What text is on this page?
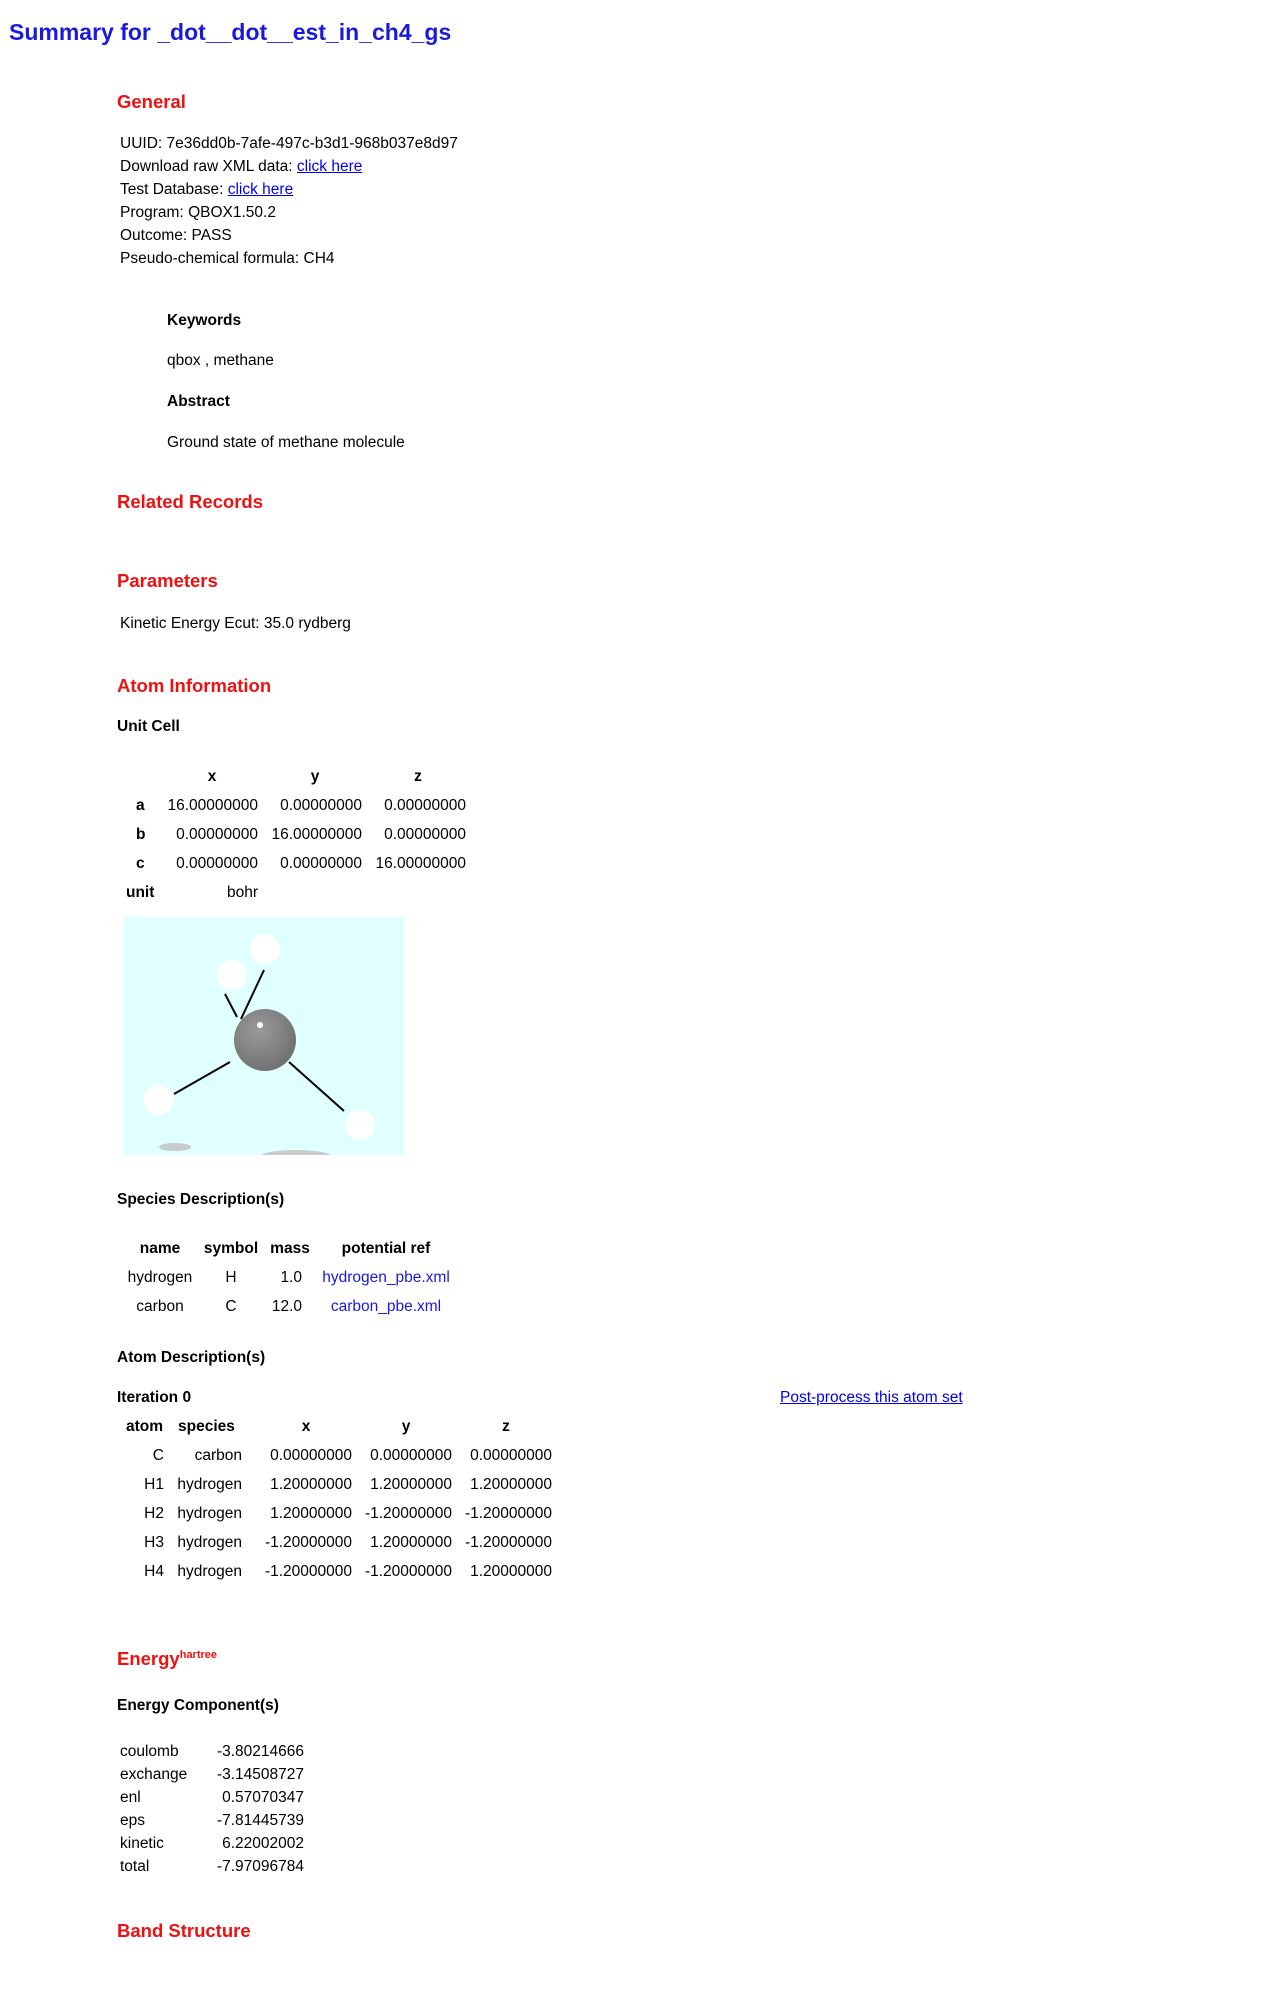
Summary for _dot__dot__est_in_ch4_gs
General
UUID: 7e36dd0b-7afe-497c-b3d1-968b037e8d97
Download raw XML data: click here
Test Database: click here
Program: QBOX1.50.2
Outcome: PASS
Pseudo-chemical formula: CH4
Keywords
qbox , methane
Abstract
Ground state of methane molecule
Related Records
Parameters
Kinetic Energy Ecut: 35.0 rydberg
Atom Information
Unit Cell
x	y	z
a	16.00000000	0.00000000	0.00000000
b	0.00000000 16.00000000	0.00000000
c	0.00000000	0.00000000 16.00000000
unit	bohr
Species Description(s)
name	symbol mass	potential ref
hydrogen	H	1.0	hydrogen_pbe.xml
carbon	C	12.0	carbon_pbe.xml
Atom Description(s)
Iteration 0	Post-process this atom set
atom species	x	y	z
C	carbon	0.00000000	0.00000000	0.00000000
H1 hydrogen	1.20000000	1.20000000	1.20000000
H2 hydrogen	1.20000000 -1.20000000 -1.20000000
H3 hydrogen	-1.20000000	1.20000000 -1.20000000
H4 hydrogen	-1.20000000 -1.20000000	1.20000000
Energy$^{hartree}$
Energy Component(s)
coulomb	-3.80214666
exchange	-3.14508727
enl	0.57070347
eps	-7.81445739
kinetic	6.22002002
total	-7.97096784
Band Structure
